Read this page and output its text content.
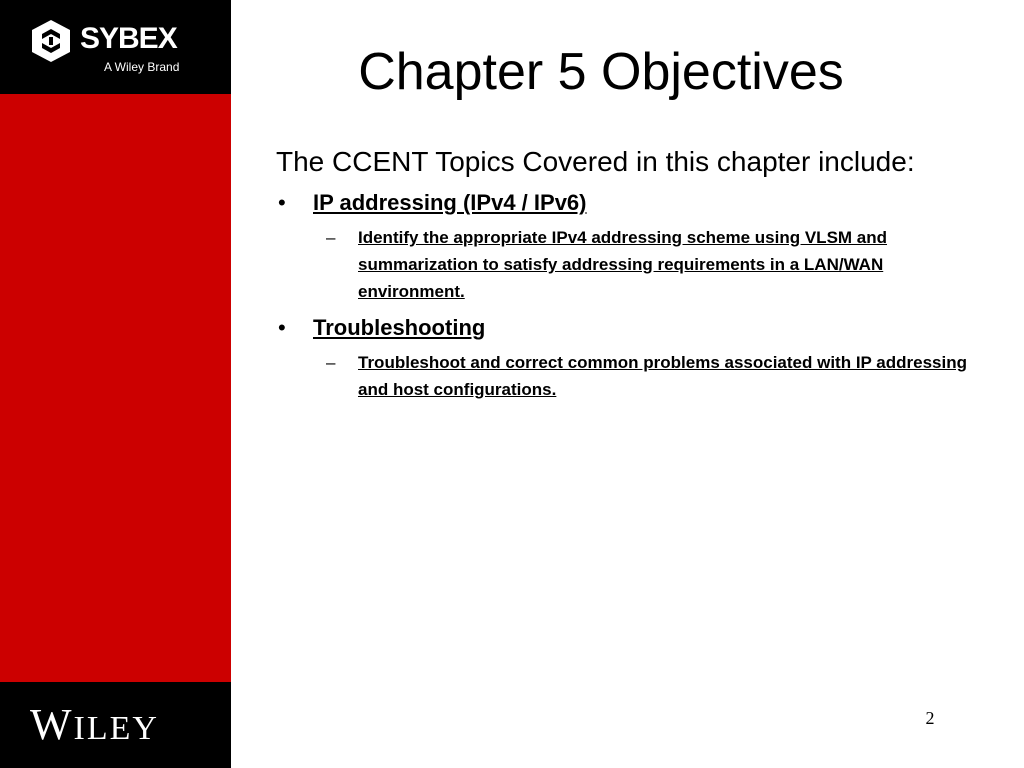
SYBEX
A Wiley Brand
WILEY
Chapter 5 Objectives
The CCENT Topics Covered in this chapter include:
• IP addressing (IPv4 / IPv6)
– Identify the appropriate IPv4 addressing scheme using VLSM and summarization to satisfy addressing requirements in a LAN/WAN environment.
• Troubleshooting
– Troubleshoot and correct common problems associated with IP addressing and host configurations.
2
